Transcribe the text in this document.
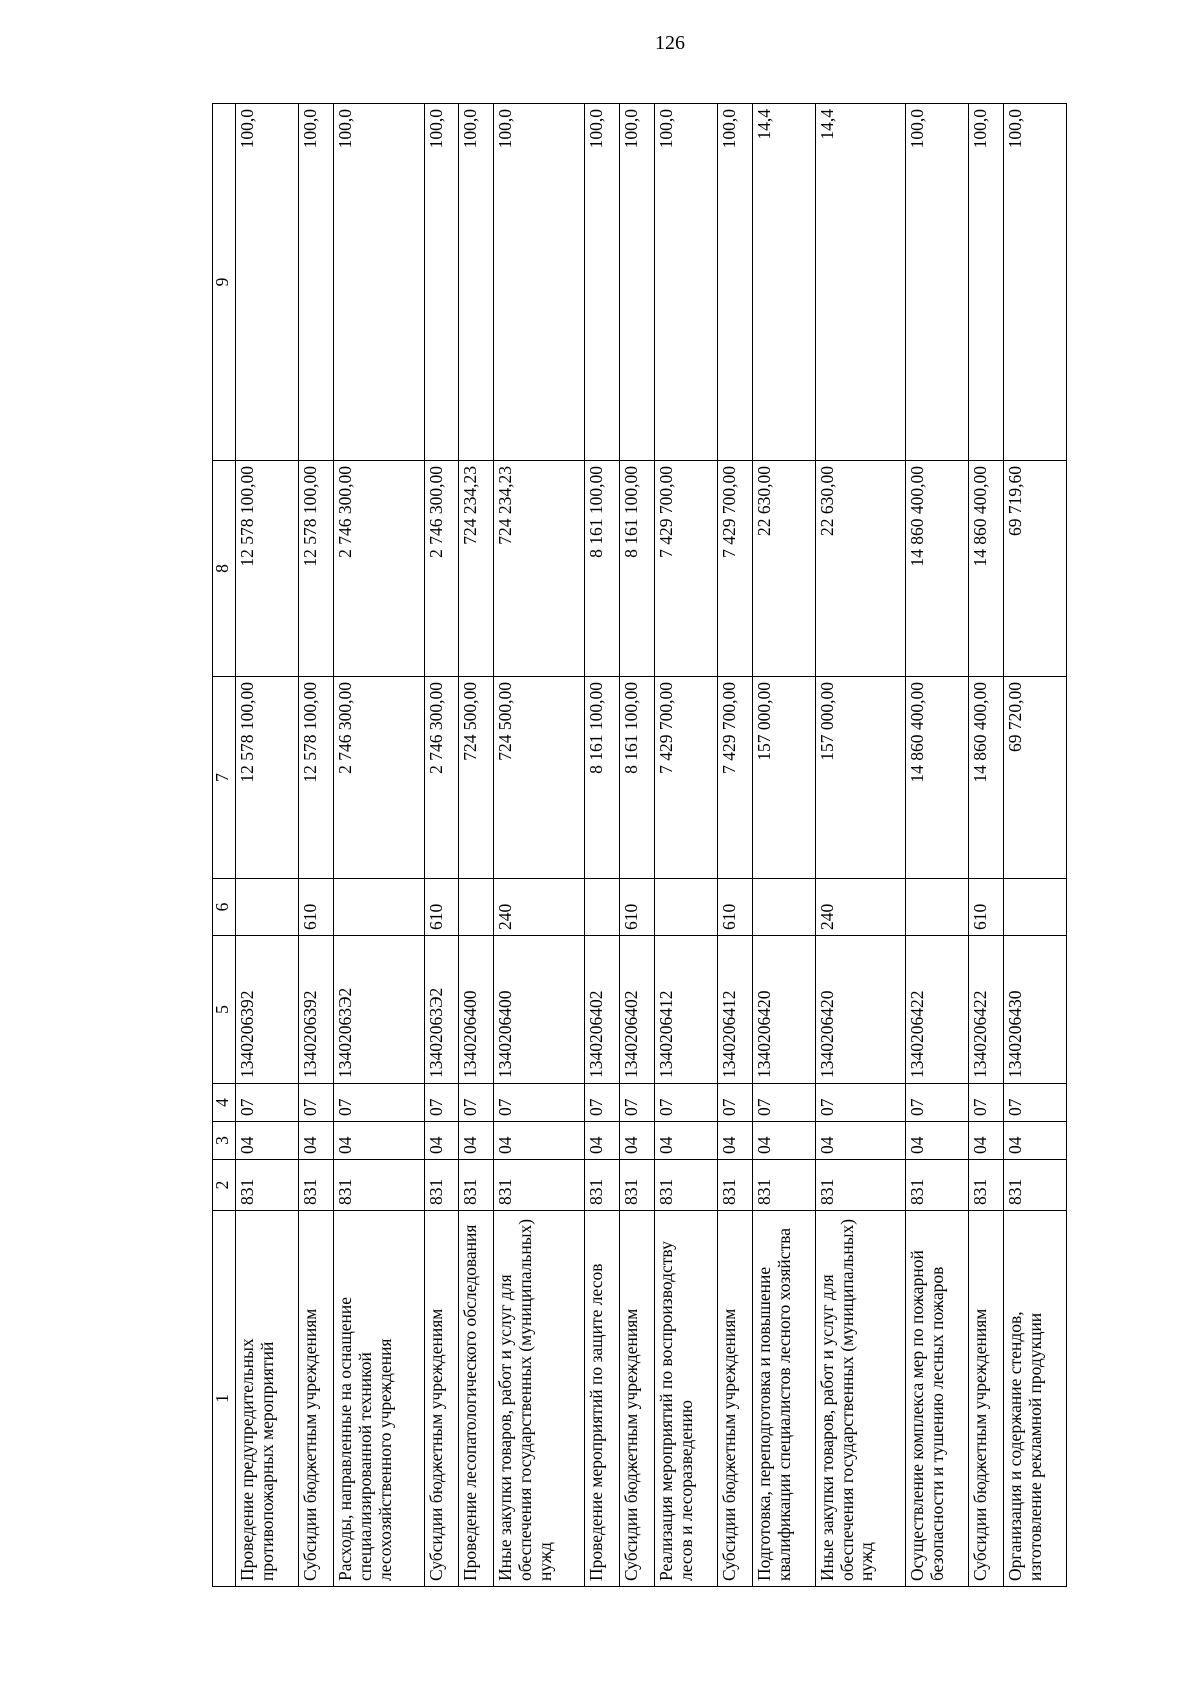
126
1	2	3	4	5	6	7	8	9
Проведение предупредительных противопожарных мероприятий	831	04	07	1340206392		12 578 100,00	12 578 100,00	100,0
Субсидии бюджетным учреждениям	831	04	07	1340206392	610	12 578 100,00	12 578 100,00	100,0
Расходы, направленные на оснащение специализированной техникой лесохозяйственного учреждения	831	04	07	13402063Э2		2 746 300,00	2 746 300,00	100,0
Субсидии бюджетным учреждениям	831	04	07	13402063Э2	610	2 746 300,00	2 746 300,00	100,0
Проведение лесопатологического обследования	831	04	07	1340206400		724 500,00	724 234,23	100,0
Иные закупки товаров, работ и услуг для обеспечения государственных (муниципальных) нужд	831	04	07	1340206400	240	724 500,00	724 234,23	100,0
Проведение мероприятий по защите лесов	831	04	07	1340206402		8 161 100,00	8 161 100,00	100,0
Субсидии бюджетным учреждениям	831	04	07	1340206402	610	8 161 100,00	8 161 100,00	100,0
Реализация мероприятий по воспроизводству лесов и лесоразведению	831	04	07	1340206412		7 429 700,00	7 429 700,00	100,0
Субсидии бюджетным учреждениям	831	04	07	1340206412	610	7 429 700,00	7 429 700,00	100,0
Подготовка, переподготовка и повышение квалификации специалистов лесного хозяйства	831	04	07	1340206420		157 000,00	22 630,00	14,4
Иные закупки товаров, работ и услуг для обеспечения государственных (муниципальных) нужд	831	04	07	1340206420	240	157 000,00	22 630,00	14,4
Осуществление комплекса мер по пожарной безопасности и тушению лесных пожаров	831	04	07	1340206422		14 860 400,00	14 860 400,00	100,0
Субсидии бюджетным учреждениям	831	04	07	1340206422	610	14 860 400,00	14 860 400,00	100,0
Организация и содержание стендов, изготовление рекламной продукции	831	04	07	1340206430		69 720,00	69 719,60	100,0
